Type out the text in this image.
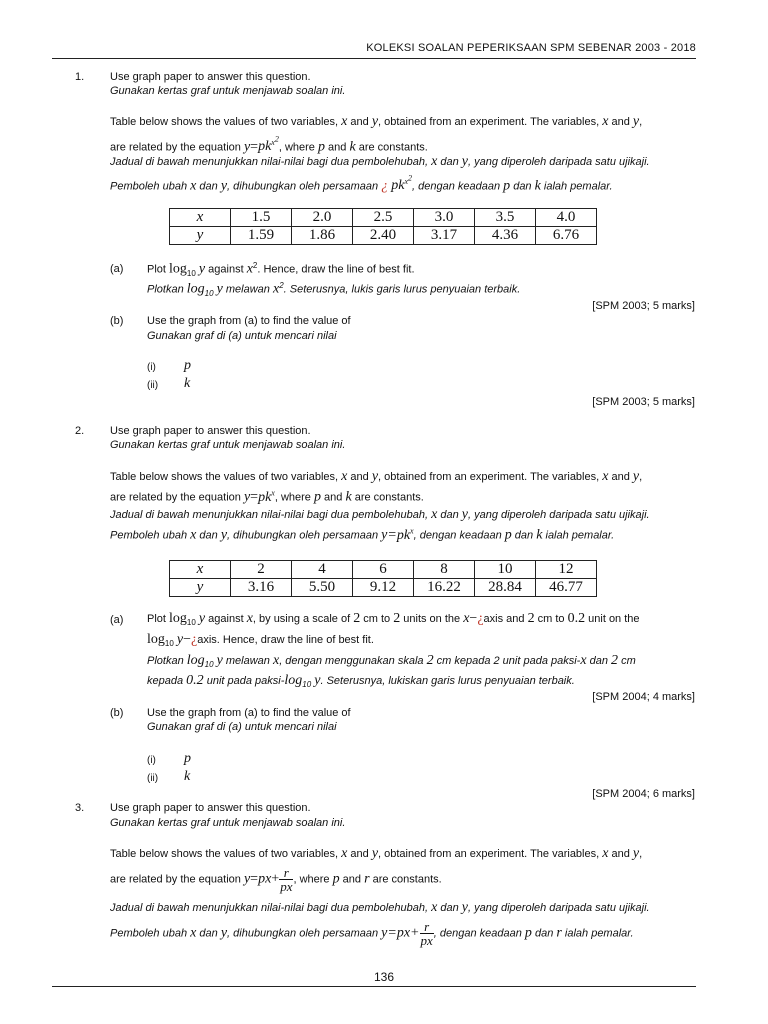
KOLEKSI SOALAN PEPERIKSAAN SPM SEBENAR 2003 - 2018
1. Use graph paper to answer this question.
Gunakan kertas graf untuk menjawab soalan ini.
Table below shows the values of two variables, x and y, obtained from an experiment. The variables, x and y,
are related by the equation $y=pk^{x^2}$, where p and k are constants.
Jadual di bawah menunjukkan nilai-nilai bagi dua pembolehubah, x dan y, yang diperoleh daripada satu ujikaji.
Pemboleh ubah x dan y, dihubungkan oleh persamaan ¿ $pk^{x^2}$, dengan keadaan p dan k ialah pemalar.
x	1.5	2.0	2.5	3.0	3.5	4.0
y	1.59	1.86	2.40	3.17	4.36	6.76
(a) Plot $\log_{10} y$ against $x^2$. Hence, draw the line of best fit.
Plotkan $\log_{10} y$ melawan $x^2$. Seterusnya, lukis garis lurus penyuaian terbaik.
[SPM 2003; 5 marks]
(b) Use the graph from (a) to find the value of
Gunakan graf di (a) untuk mencari nilai
(i) p
(ii) k
[SPM 2003; 5 marks]
2. Use graph paper to answer this question.
Gunakan kertas graf untuk menjawab soalan ini.
Table below shows the values of two variables, x and y, obtained from an experiment. The variables, x and y,
are related by the equation $y=pk^x$, where p and k are constants.
Jadual di bawah menunjukkan nilai-nilai bagi dua pembolehubah, x dan y, yang diperoleh daripada satu ujikaji.
Pemboleh ubah x dan y, dihubungkan oleh persamaan $y=pk^x$, dengan keadaan p dan k ialah pemalar.
x	2	4	6	8	10	12
y	3.16	5.50	9.12	16.22	28.84	46.77
(a) Plot $\log_{10} y$ against x, by using a scale of 2 cm to 2 units on the x−¿axis and 2 cm to 0.2 unit on the
$\log_{10}$ y−¿axis. Hence, draw the line of best fit.
Plotkan $\log_{10} y$ melawan x, dengan menggunakan skala 2 cm kepada 2 unit pada paksi-x dan 2 cm
kepada 0.2 unit pada paksi-$\log_{10}$ y. Seterusnya, lukiskan garis lurus penyuaian terbaik.
[SPM 2004; 4 marks]
(b) Use the graph from (a) to find the value of
Gunakan graf di (a) untuk mencari nilai
(i) p
(ii) k
[SPM 2004; 6 marks]
3. Use graph paper to answer this question.
Gunakan kertas graf untuk menjawab soalan ini.
Table below shows the values of two variables, x and y, obtained from an experiment. The variables, x and y,
are related by the equation $y=px+ \frac{r}{px}$ , where p and r are constants.
Jadual di bawah menunjukkan nilai-nilai bagi dua pembolehubah, x dan y, yang diperoleh daripada satu ujikaji.
Pemboleh ubah x dan y, dihubungkan oleh persamaan $y=px+ \frac{r}{px}$ , dengan keadaan p dan r ialah pemalar.
136
